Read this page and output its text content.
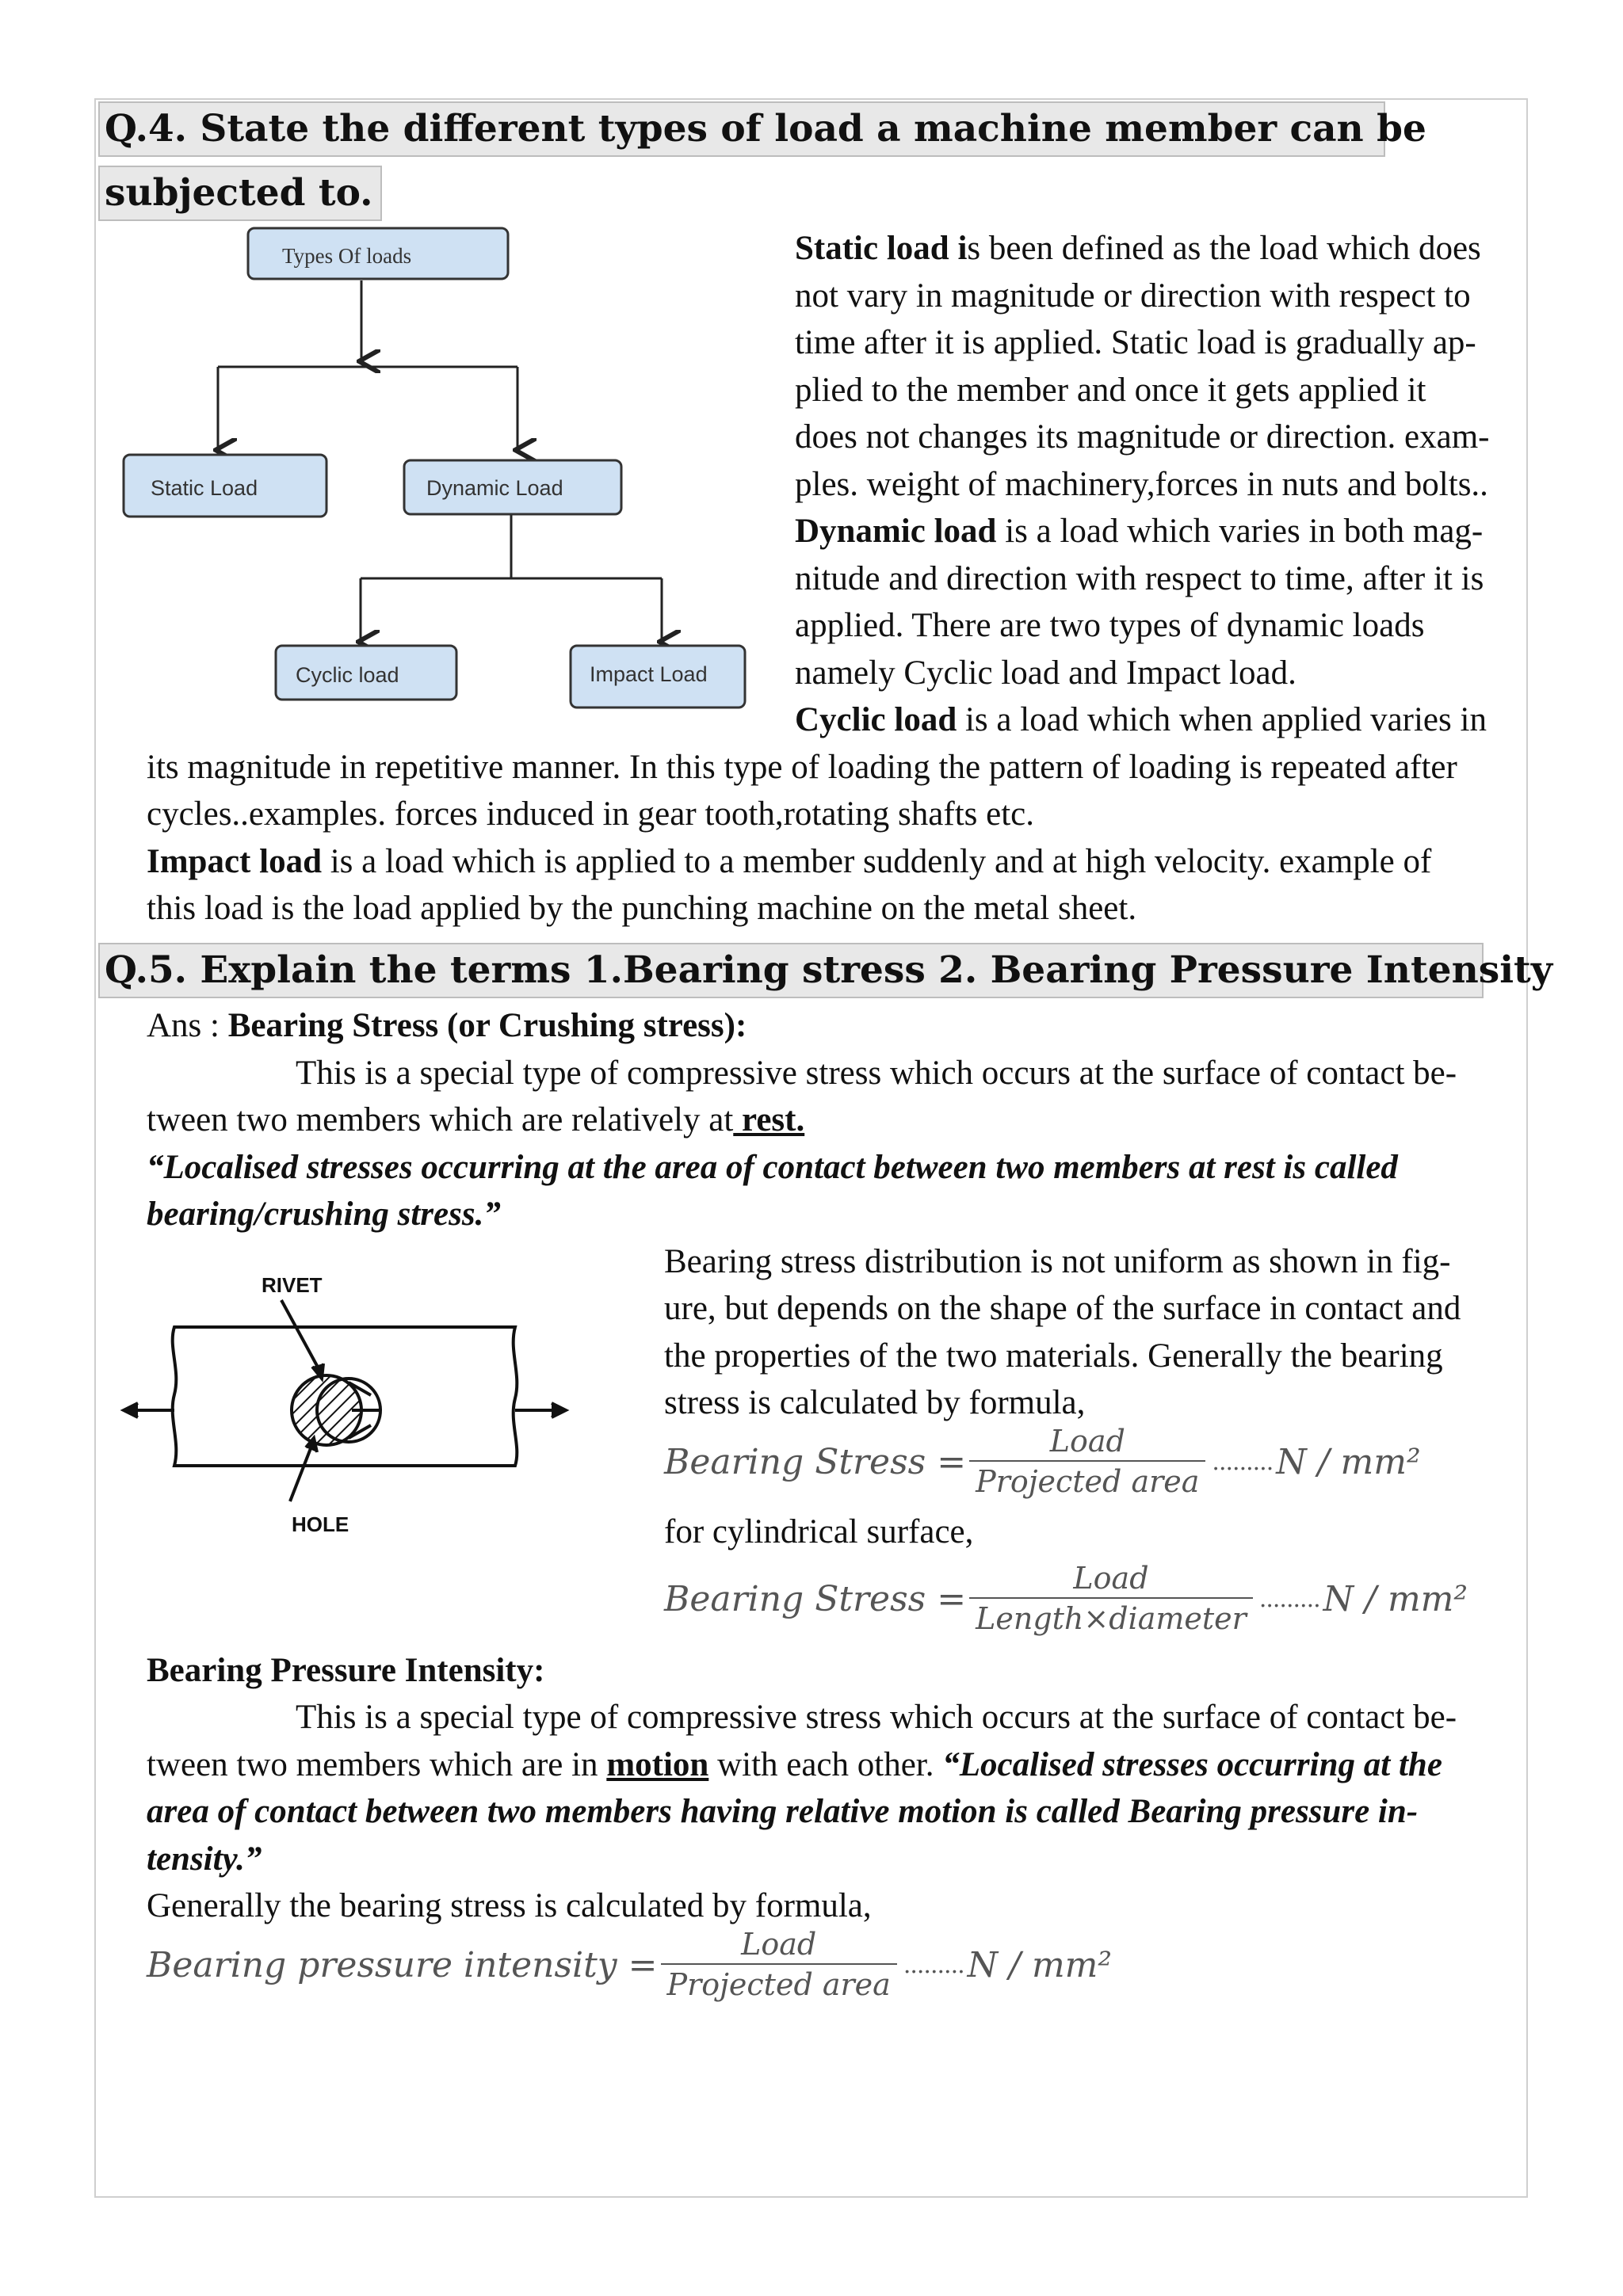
Q.4. State the different types of load a machine member can be
subjected to.
Types Of loads
Static Load	Dynamic Load
Cyclic load	Impact Load

Static load is been defined as the load which does

not vary in magnitude or direction with respect to

time after it is applied. Static load is gradually ap-

plied to the member and once it gets applied it

does not changes its magnitude or direction. exam-

ples. weight of machinery,forces in nuts and bolts..

Dynamic load is a load which varies in both mag-

nitude and direction with respect to time, after it is

applied. There are two types of dynamic loads

namely Cyclic load and Impact load.

Cyclic load is a load which when applied varies in

its magnitude in repetitive manner. In this type of loading the pattern of loading is repeated after

cycles..examples. forces induced in gear tooth,rotating shafts etc.

Impact load is a load which is applied to a member suddenly and at high velocity. example of

this load is the load applied by the punching machine on the metal sheet.

Q.5. Explain the terms 1.Bearing stress 2. Bearing Pressure Intensity

Ans : Bearing Stress (or Crushing stress):

This is a special type of compressive stress which occurs at the surface of contact be-

tween two members which are relatively at rest.

“Localised stresses occurring at the area of contact between two members at rest is called

bearing/crushing stress.”

RIVET
HOLE

Bearing stress distribution is not uniform as shown in fig-

ure, but depends on the shape of the surface in contact and

the properties of the two materials. Generally the bearing

stress is calculated by formula,

Bearing Stress = $\frac{\text{Load}}{\text{Projected area}}$ ......... N / mm²

for cylindrical surface,

Bearing Stress = $\frac{\text{Load}}{\text{Length×diameter}}$ ......... N / mm²

Bearing Pressure Intensity:

This is a special type of compressive stress which occurs at the surface of contact be-

tween two members which are in motion with each other. “Localised stresses occurring at the

area of contact between two members having relative motion is called Bearing pressure in-

tensity.”

Generally the bearing stress is calculated by formula,

Bearing pressure intensity = $\frac{\text{Load}}{\text{Projected area}}$ ......... N / mm²
